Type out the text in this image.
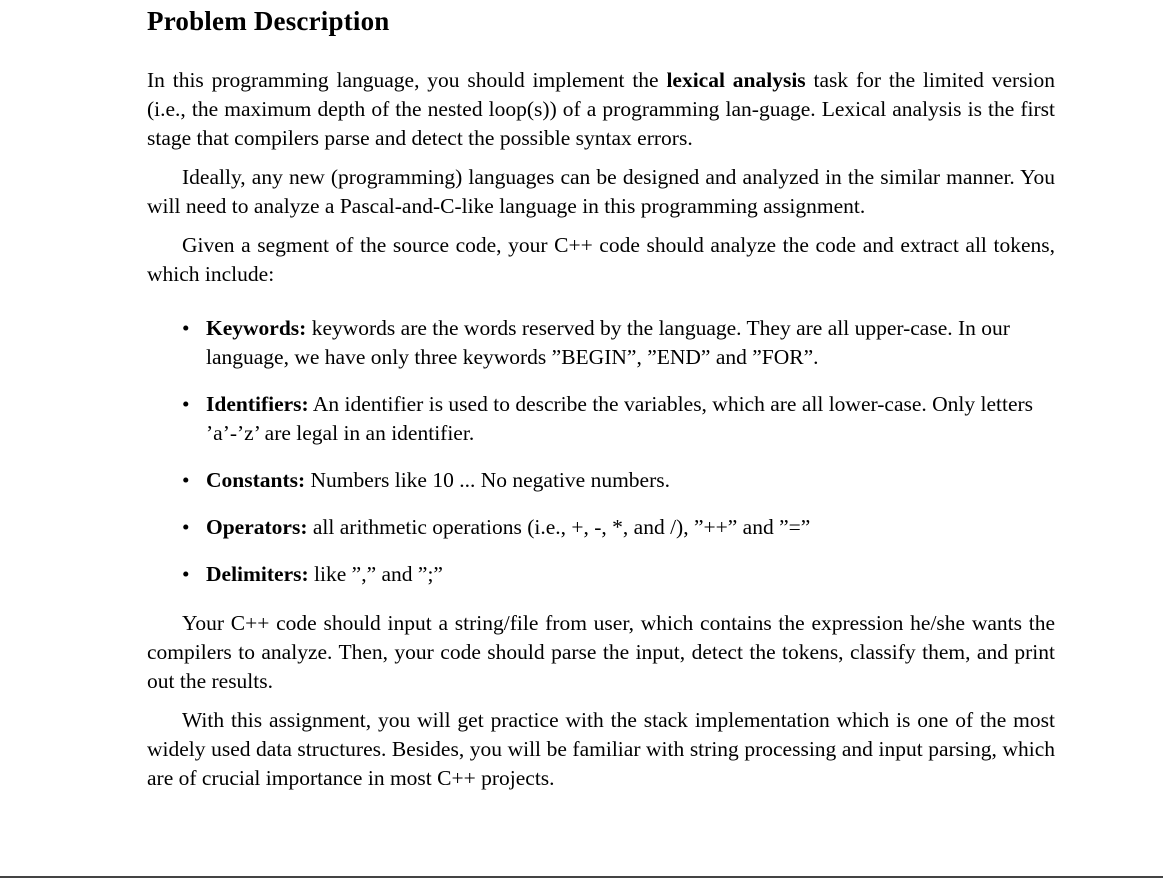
Problem Description

In this programming language, you should implement the lexical analysis task for the limited version (i.e., the maximum depth of the nested loop(s)) of a programming lan-guage. Lexical analysis is the first stage that compilers parse and detect the possible syntax errors.

Ideally, any new (programming) languages can be designed and analyzed in the similar manner. You will need to analyze a Pascal-and-C-like language in this programming assignment.

Given a segment of the source code, your C++ code should analyze the code and extract all tokens, which include:

• Keywords: keywords are the words reserved by the language. They are all upper-case. In our language, we have only three keywords ”BEGIN”, ”END” and ”FOR”.
• Identifiers: An identifier is used to describe the variables, which are all lower-case. Only letters ’a’-’z’ are legal in an identifier.
• Constants: Numbers like 10 ... No negative numbers.
• Operators: all arithmetic operations (i.e., +, -, *, and /), ”++” and ”=”
• Delimiters: like ”,” and ”;”

Your C++ code should input a string/file from user, which contains the expression he/she wants the compilers to analyze. Then, your code should parse the input, detect the tokens, classify them, and print out the results.

With this assignment, you will get practice with the stack implementation which is one of the most widely used data structures. Besides, you will be familiar with string processing and input parsing, which are of crucial importance in most C++ projects.
